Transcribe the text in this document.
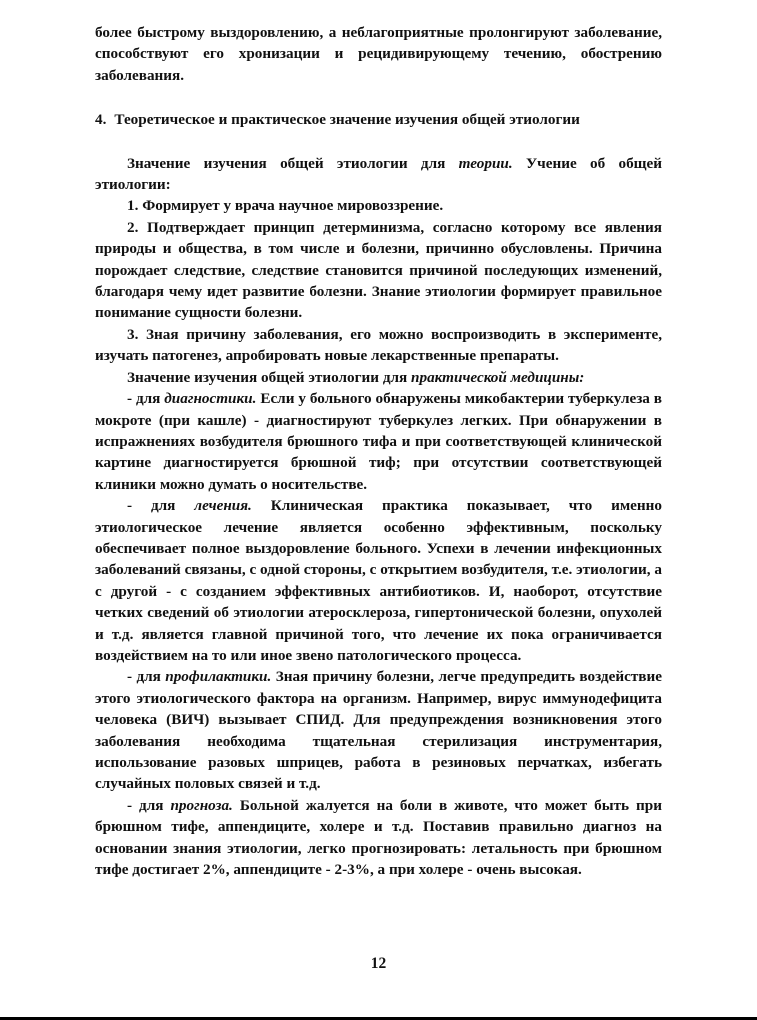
более быстрому выздоровлению, а неблагоприятные пролонгируют заболевание, способствуют его хронизации и рецидивирующему течению, обострению заболевания.

4. Теоретическое и практическое значение изучения общей этиологии

Значение изучения общей этиологии для теории. Учение об общей этиологии:

1. Формирует у врача научное мировоззрение.

2. Подтверждает принцип детерминизма, согласно которому все явления природы и общества, в том числе и болезни, причинно обусловлены. Причина порождает следствие, следствие становится причиной последующих изменений, благодаря чему идет развитие болезни. Знание этиологии формирует правильное понимание сущности болезни.

3. Зная причину заболевания, его можно воспроизводить в эксперименте, изучать патогенез, апробировать новые лекарственные препараты.

Значение изучения общей этиологии для практической медицины:

- для диагностики. Если у больного обнаружены микобактерии туберкулеза в мокроте (при кашле) - диагностируют туберкулез легких. При обнаружении в испражнениях возбудителя брюшного тифа и при соответствующей клинической картине диагностируется брюшной тиф; при отсутствии соответствующей клиники можно думать о носительстве.

- для лечения. Клиническая практика показывает, что именно этиологическое лечение является особенно эффективным, поскольку обеспечивает полное выздоровление больного. Успехи в лечении инфекционных заболеваний связаны, с одной стороны, с открытием возбудителя, т.е. этиологии, а с другой - с созданием эффективных антибиотиков. И, наоборот, отсутствие четких сведений об этиологии атеросклероза, гипертонической болезни, опухолей и т.д. является главной причиной того, что лечение их пока ограничивается воздействием на то или иное звено патологического процесса.

- для профилактики. Зная причину болезни, легче предупредить воздействие этого этиологического фактора на организм. Например, вирус иммунодефицита человека (ВИЧ) вызывает СПИД. Для предупреждения возникновения этого заболевания необходима тщательная стерилизация инструментария, использование разовых шприцев, работа в резиновых перчатках, избегать случайных половых связей и т.д.

- для прогноза. Больной жалуется на боли в животе, что может быть при брюшном тифе, аппендиците, холере и т.д. Поставив правильно диагноз на основании знания этиологии, легко прогнозировать: летальность при брюшном тифе достигает 2%, аппендиците - 2-3%, а при холере - очень высокая.

12
